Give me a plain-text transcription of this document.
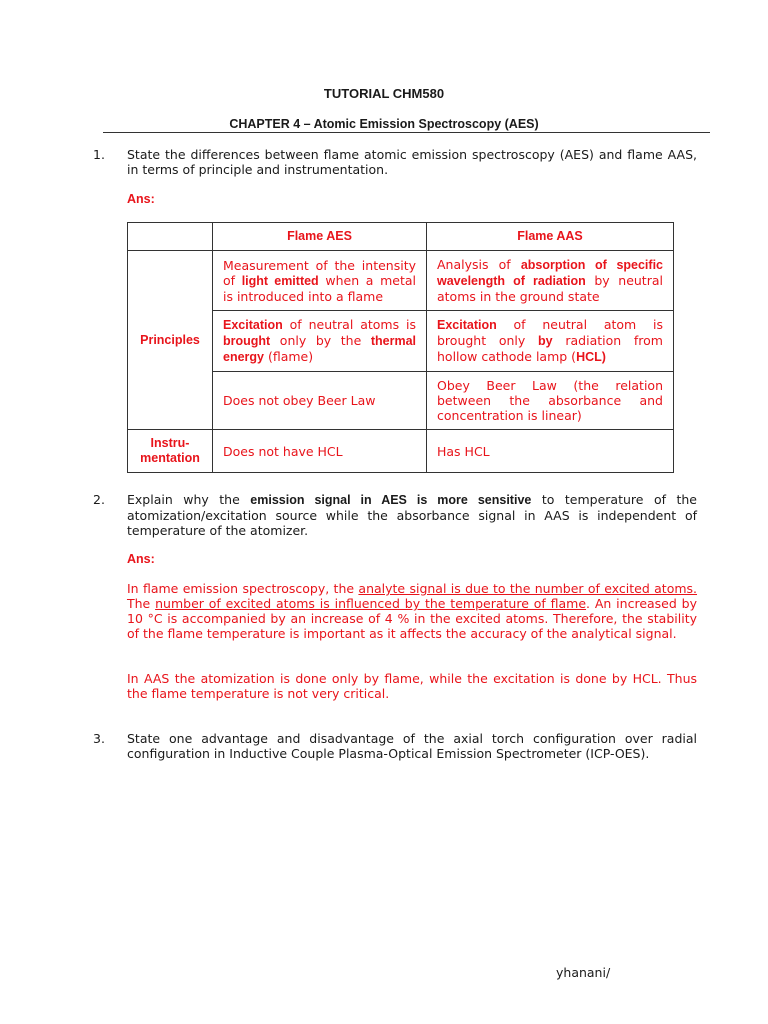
TUTORIAL CHM580
CHAPTER 4 – Atomic Emission Spectroscopy (AES)
1. State the differences between flame atomic emission spectroscopy (AES) and flame AAS, in terms of principle and instrumentation.
Ans:
	Flame AES	Flame AAS
Principles	Measurement of the intensity of light emitted when a metal is introduced into a flame	Analysis of absorption of specific wavelength of radiation by neutral atoms in the ground state
	Excitation of neutral atoms is brought only by the thermal energy (flame)	Excitation of neutral atom is brought only by radiation from hollow cathode lamp (HCL)
	Does not obey Beer Law	Obey Beer Law (the relation between the absorbance and concentration is linear)
Instru-
mentation	Does not have HCL	Has HCL
2. Explain why the emission signal in AES is more sensitive to temperature of the atomization/excitation source while the absorbance signal in AAS is independent of temperature of the atomizer.
Ans:
In flame emission spectroscopy, the analyte signal is due to the number of excited atoms. The number of excited atoms is influenced by the temperature of flame. An increased by 10 °C is accompanied by an increase of 4 % in the excited atoms. Therefore, the stability of the flame temperature is important as it affects the accuracy of the analytical signal.
In AAS the atomization is done only by flame, while the excitation is done by HCL. Thus the flame temperature is not very critical.
3. State one advantage and disadvantage of the axial torch configuration over radial configuration in Inductive Couple Plasma-Optical Emission Spectrometer (ICP-OES).
yhanani/
